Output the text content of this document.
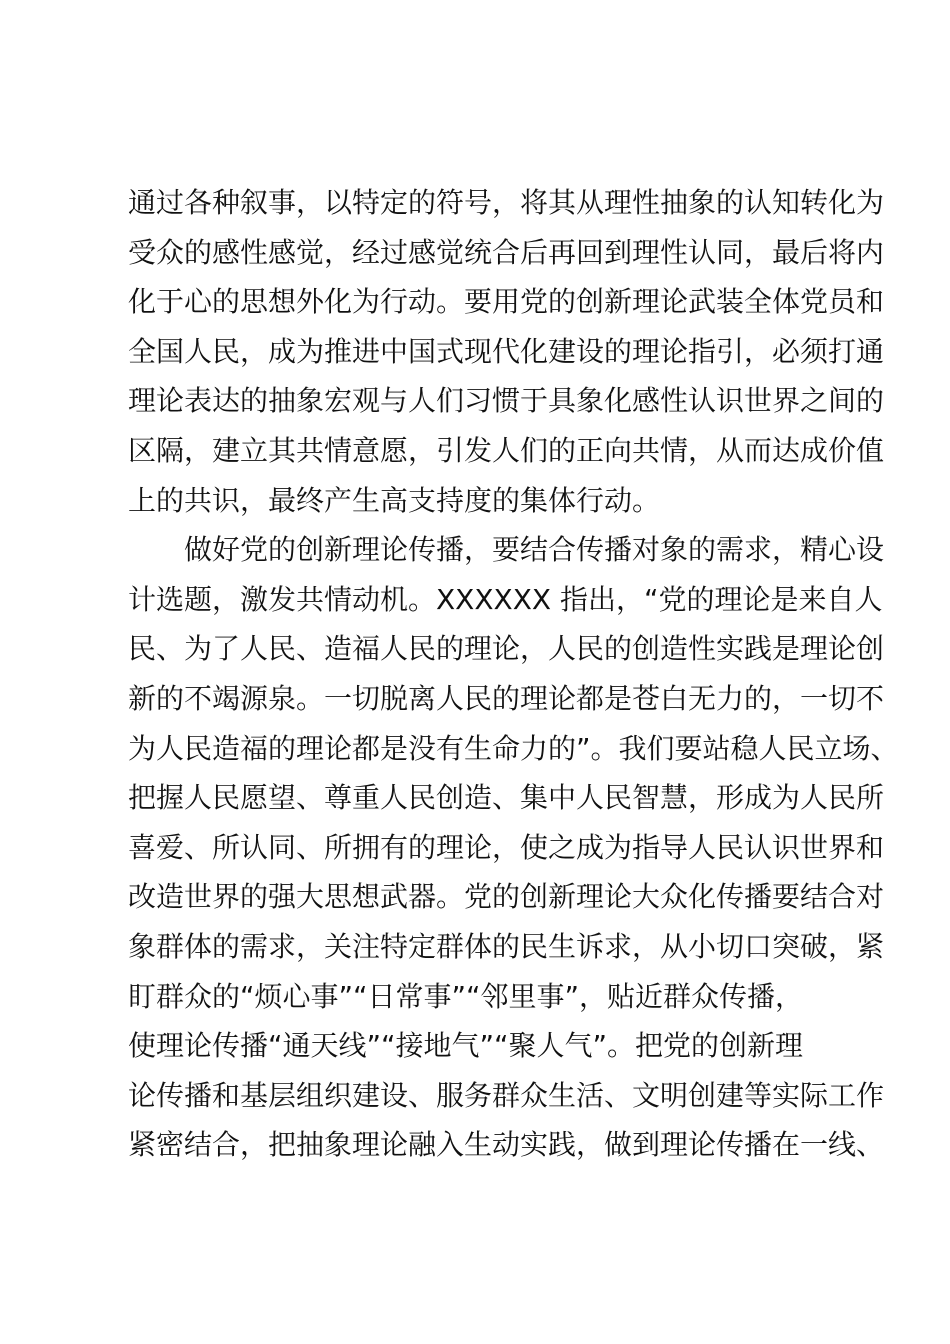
通过各种叙事，以特定的符号，将其从理性抽象的认知转化为
受众的感性感觉，经过感觉统合后再回到理性认同，最后将内
化于心的思想外化为行动。要用党的创新理论武装全体党员和
全国人民，成为推进中国式现代化建设的理论指引，必须打通
理论表达的抽象宏观与人们习惯于具象化感性认识世界之间的
区隔，建立其共情意愿，引发人们的正向共情，从而达成价值
上的共识，最终产生高支持度的集体行动。
做好党的创新理论传播，要结合传播对象的需求，精心设
计选题，激发共情动机。XXXXXX 指出，“党的理论是来自人
民、为了人民、造福人民的理论，人民的创造性实践是理论创
新的不竭源泉。一切脱离人民的理论都是苍白无力的，一切不
为人民造福的理论都是没有生命力的”。我们要站稳人民立场、
把握人民愿望、尊重人民创造、集中人民智慧，形成为人民所
喜爱、所认同、所拥有的理论，使之成为指导人民认识世界和
改造世界的强大思想武器。党的创新理论大众化传播要结合对
象群体的需求，关注特定群体的民生诉求，从小切口突破，紧
盯群众的“烦心事”“日常事”“邻里事”，贴近群众传播，
使理论传播“通天线”“接地气”“聚人气”。把党的创新理
论传播和基层组织建设、服务群众生活、文明创建等实际工作
紧密结合，把抽象理论融入生动实践，做到理论传播在一线、
